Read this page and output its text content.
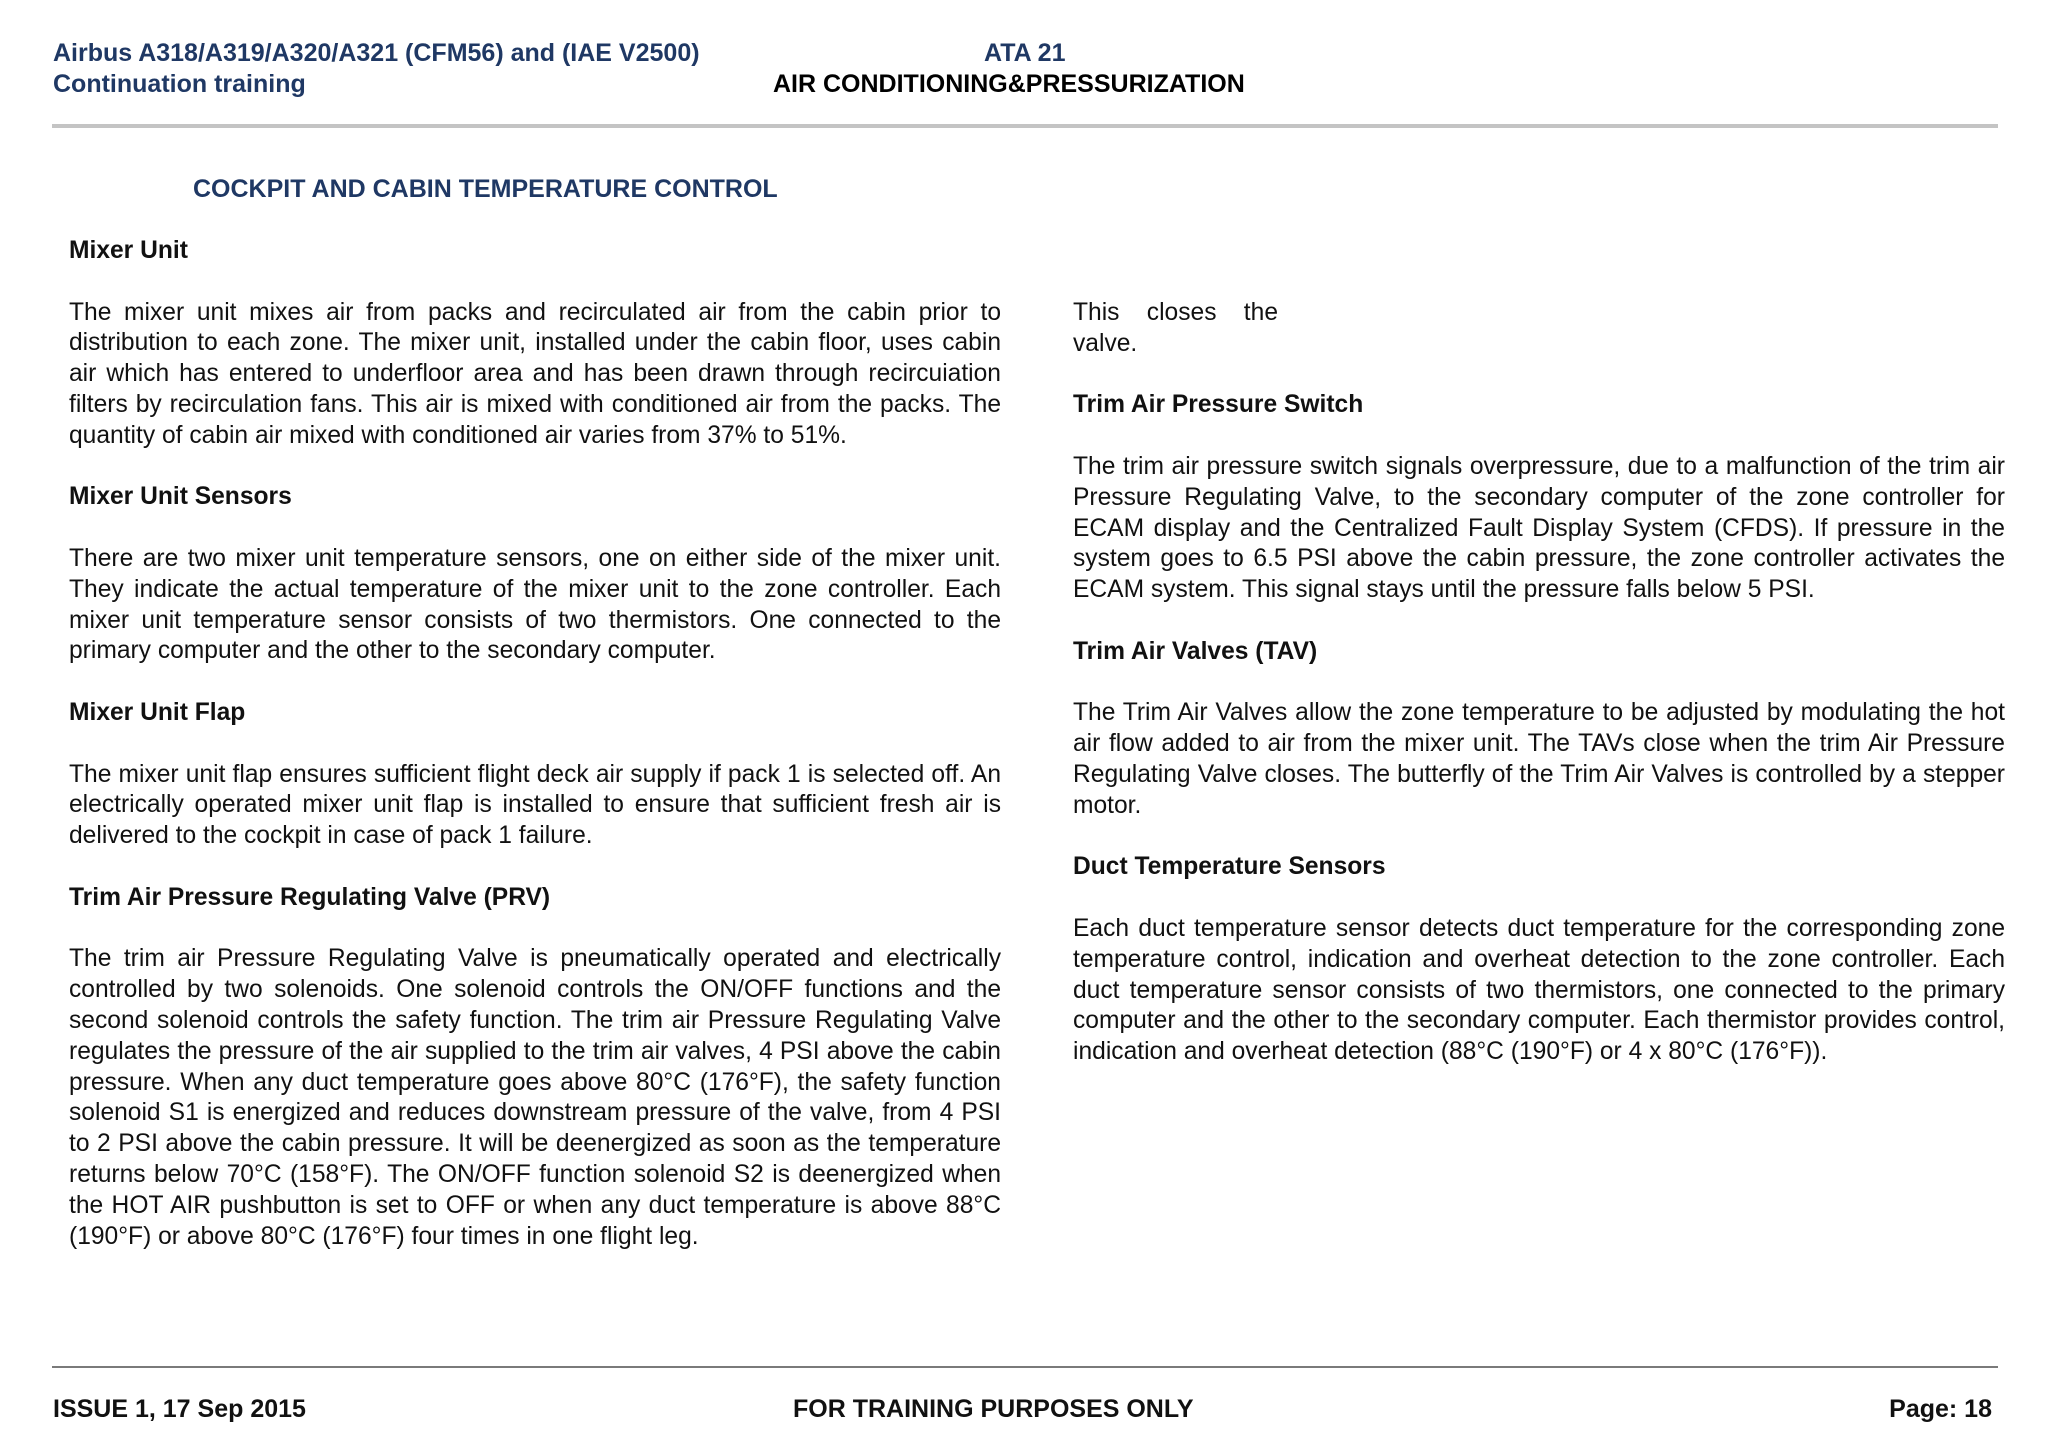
Airbus A318/A319/A320/A321 (CFM56) and (IAE V2500)
Continuation training
ATA 21
AIR CONDITIONING&PRESSURIZATION
COCKPIT AND CABIN TEMPERATURE CONTROL
Mixer Unit

The mixer unit mixes air from packs and recirculated air from the cabin prior to distribution to each zone. The mixer unit, installed under the cabin floor, uses cabin air which has entered to underfloor area and has been drawn through recircuiation filters by recirculation fans. This air is mixed with conditioned air from the packs. The quantity of cabin air mixed with conditioned air varies from 37% to 51%.

Mixer Unit Sensors

There are two mixer unit temperature sensors, one on either side of the mixer unit. They indicate the actual temperature of the mixer unit to the zone controller. Each mixer unit temperature sensor consists of two thermistors. One connected to the primary computer and the other to the secondary computer.

Mixer Unit Flap

The mixer unit flap ensures sufficient flight deck air supply if pack 1 is selected off. An electrically operated mixer unit flap is installed to ensure that sufficient fresh air is delivered to the cockpit in case of pack 1 failure.

Trim Air Pressure Regulating Valve (PRV)

The trim air Pressure Regulating Valve is pneumatically operated and electrically controlled by two solenoids. One solenoid controls the ON/OFF functions and the second solenoid controls the safety function. The trim air Pressure Regulating Valve regulates the pressure of the air supplied to the trim air valves, 4 PSI above the cabin pressure. When any duct temperature goes above 80°C (176°F), the safety function solenoid S1 is energized and reduces downstream pressure of the valve, from 4 PSI to 2 PSI above the cabin pressure. It will be deenergized as soon as the temperature returns below 70°C (158°F). The ON/OFF function solenoid S2 is deenergized when the HOT AIR pushbutton is set to OFF or when any duct temperature is above 88°C (190°F) or above 80°C (176°F) four times in one flight leg.

This closes the
valve.
Trim Air Pressure Switch

The trim air pressure switch signals overpressure, due to a malfunction of the trim air Pressure Regulating Valve, to the secondary computer of the zone controller for ECAM display and the Centralized Fault Display System (CFDS). If pressure in the system goes to 6.5 PSI above the cabin pressure, the zone controller activates the ECAM system. This signal stays until the pressure falls below 5 PSI.

Trim Air Valves (TAV)

The Trim Air Valves allow the zone temperature to be adjusted by modulating the hot air flow added to air from the mixer unit. The TAVs close when the trim Air Pressure Regulating Valve closes. The butterfly of the Trim Air Valves is controlled by a stepper motor.

Duct Temperature Sensors

Each duct temperature sensor detects duct temperature for the corresponding zone temperature control, indication and overheat detection to the zone controller. Each duct temperature sensor consists of two thermistors, one connected to the primary computer and the other to the secondary computer. Each thermistor provides control, indication and overheat detection (88°C (190°F) or 4 x 80°C (176°F)).

ISSUE 1, 17 Sep 2015	FOR TRAINING PURPOSES ONLY	Page: 18
